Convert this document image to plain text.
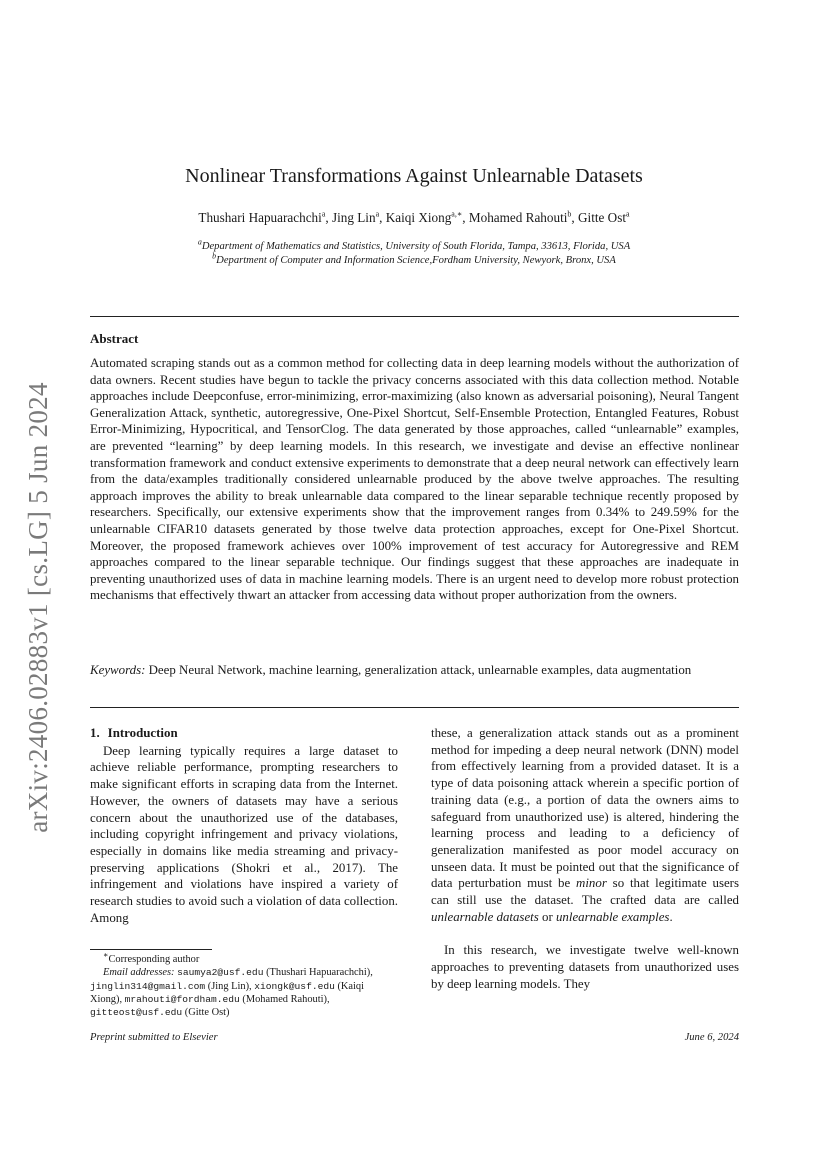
arXiv:2406.02883v1 [cs.LG] 5 Jun 2024
Nonlinear Transformations Against Unlearnable Datasets
Thushari Hapuarachchi$^a$, Jing Lin$^a$, Kaiqi Xiong$^{a,∗}$, Mohamed Rahouti$^b$, Gitte Ost$^a$
$^a$Department of Mathematics and Statistics, University of South Florida, Tampa, 33613, Florida, USA
$^b$Department of Computer and Information Science,Fordham University, Newyork, Bronx, USA
Abstract
Automated scraping stands out as a common method for collecting data in deep learning models without the authorization of data owners. Recent studies have begun to tackle the privacy concerns associated with this data collection method. Notable approaches include Deepconfuse, error-minimizing, error-maximizing (also known as adversarial poisoning), Neural Tangent Generalization Attack, synthetic, autoregressive, One-Pixel Shortcut, Self-Ensemble Protection, Entangled Features, Robust Error-Minimizing, Hypocritical, and TensorClog. The data generated by those approaches, called “unlearnable” examples, are prevented “learning” by deep learning models. In this research, we investigate and devise an effective nonlinear transformation framework and conduct extensive experiments to demonstrate that a deep neural network can effectively learn from the data/examples traditionally considered unlearnable produced by the above twelve approaches. The resulting approach improves the ability to break unlearnable data compared to the linear separable technique recently proposed by researchers. Specifically, our extensive experiments show that the improvement ranges from 0.34% to 249.59% for the unlearnable CIFAR10 datasets generated by those twelve data protection approaches, except for One-Pixel Shortcut. Moreover, the proposed framework achieves over 100% improvement of test accuracy for Autoregressive and REM approaches compared to the linear separable technique. Our findings suggest that these approaches are inadequate in preventing unauthorized uses of data in machine learning models. There is an urgent need to develop more robust protection mechanisms that effectively thwart an attacker from accessing data without proper authorization from the owners.
Keywords: Deep Neural Network, machine learning, generalization attack, unlearnable examples, data augmentation
1. Introduction

Deep learning typically requires a large dataset to achieve reliable performance, prompting researchers to make significant efforts in scraping data from the Internet. However, the owners of datasets may have a serious concern about the unauthorized use of the databases, including copyright infringement and privacy violations, especially in domains like media streaming and privacy-preserving applications (Shokri et al., 2017). The infringement and violations have inspired a variety of research studies to avoid such a violation of data collection. Among

these, a generalization attack stands out as a prominent method for impeding a deep neural network (DNN) model from effectively learning from a provided dataset. It is a type of data poisoning attack wherein a specific portion of training data (e.g., a portion of data the owners aims to safeguard from unauthorized use) is altered, hindering the learning process and leading to a deficiency of generalization manifested as poor model accuracy on unseen data. It must be pointed out that the significance of data perturbation must be minor so that legitimate users can still use the dataset. The crafted data are called unlearnable datasets or unlearnable examples.

In this research, we investigate twelve well-known approaches to preventing datasets from unauthorized uses by deep learning models. They

∗Corresponding author
Email addresses: saumya2@usf.edu (Thushari Hapuarachchi), jinglin314@gmail.com (Jing Lin), xiongk@usf.edu (Kaiqi Xiong), mrahouti@fordham.edu (Mohamed Rahouti), gitteost@usf.edu (Gitte Ost)
Preprint submitted to Elsevier	June 6, 2024
